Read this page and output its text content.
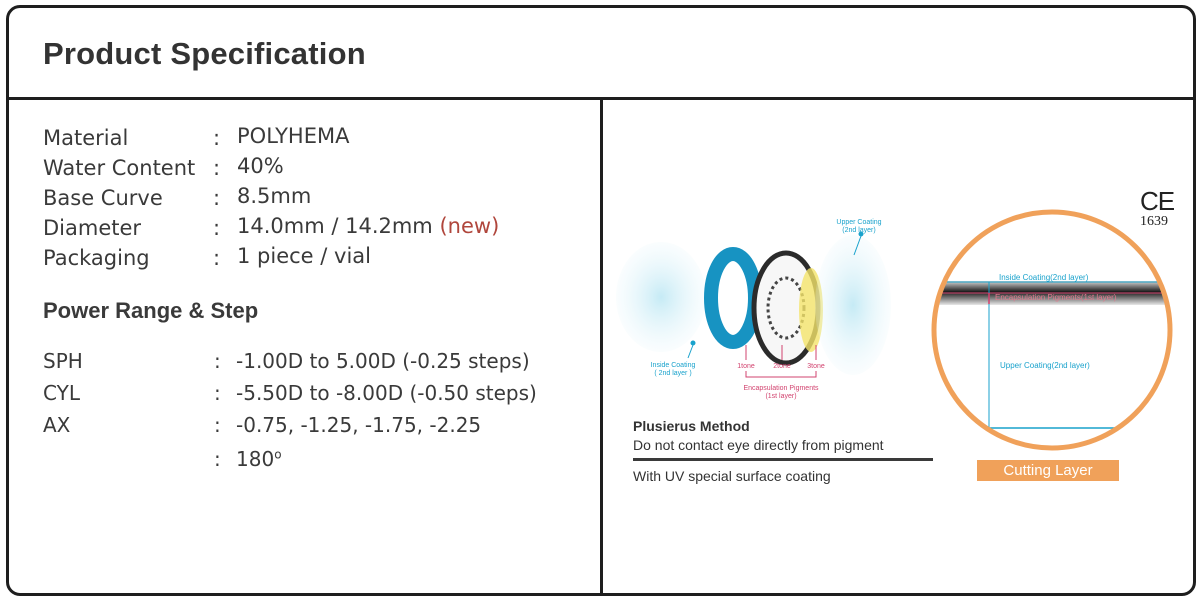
Product Specification
Material	: POLYHEMA
Water Content : 40%
Base Curve : 8.5mm
Diameter	: 14.0mm / 14.2mm (new)
Packaging	: 1 piece / vial
Power Range & Step
SPH	: -1.00D to 5.00D (-0.25 steps)
CYL	: -5.50D to -8.00D (-0.50 steps)
AX	: -0.75, -1.25, -1.75, -2.25
: 180$^o$
Upper Coating
(2nd layer)
Inside Coating
( 2nd layer )
1tone	2tone 3tone
Encapsulation Pigments
(1st layer)
Inside Coating(2nd layer)
Encapsulation Pigments(1st layer)
Upper Coating(2nd layer)
CE
1639
Plusierus Method
Do not contact eye directly from pigment
With UV special surface coating	Cutting Layer
